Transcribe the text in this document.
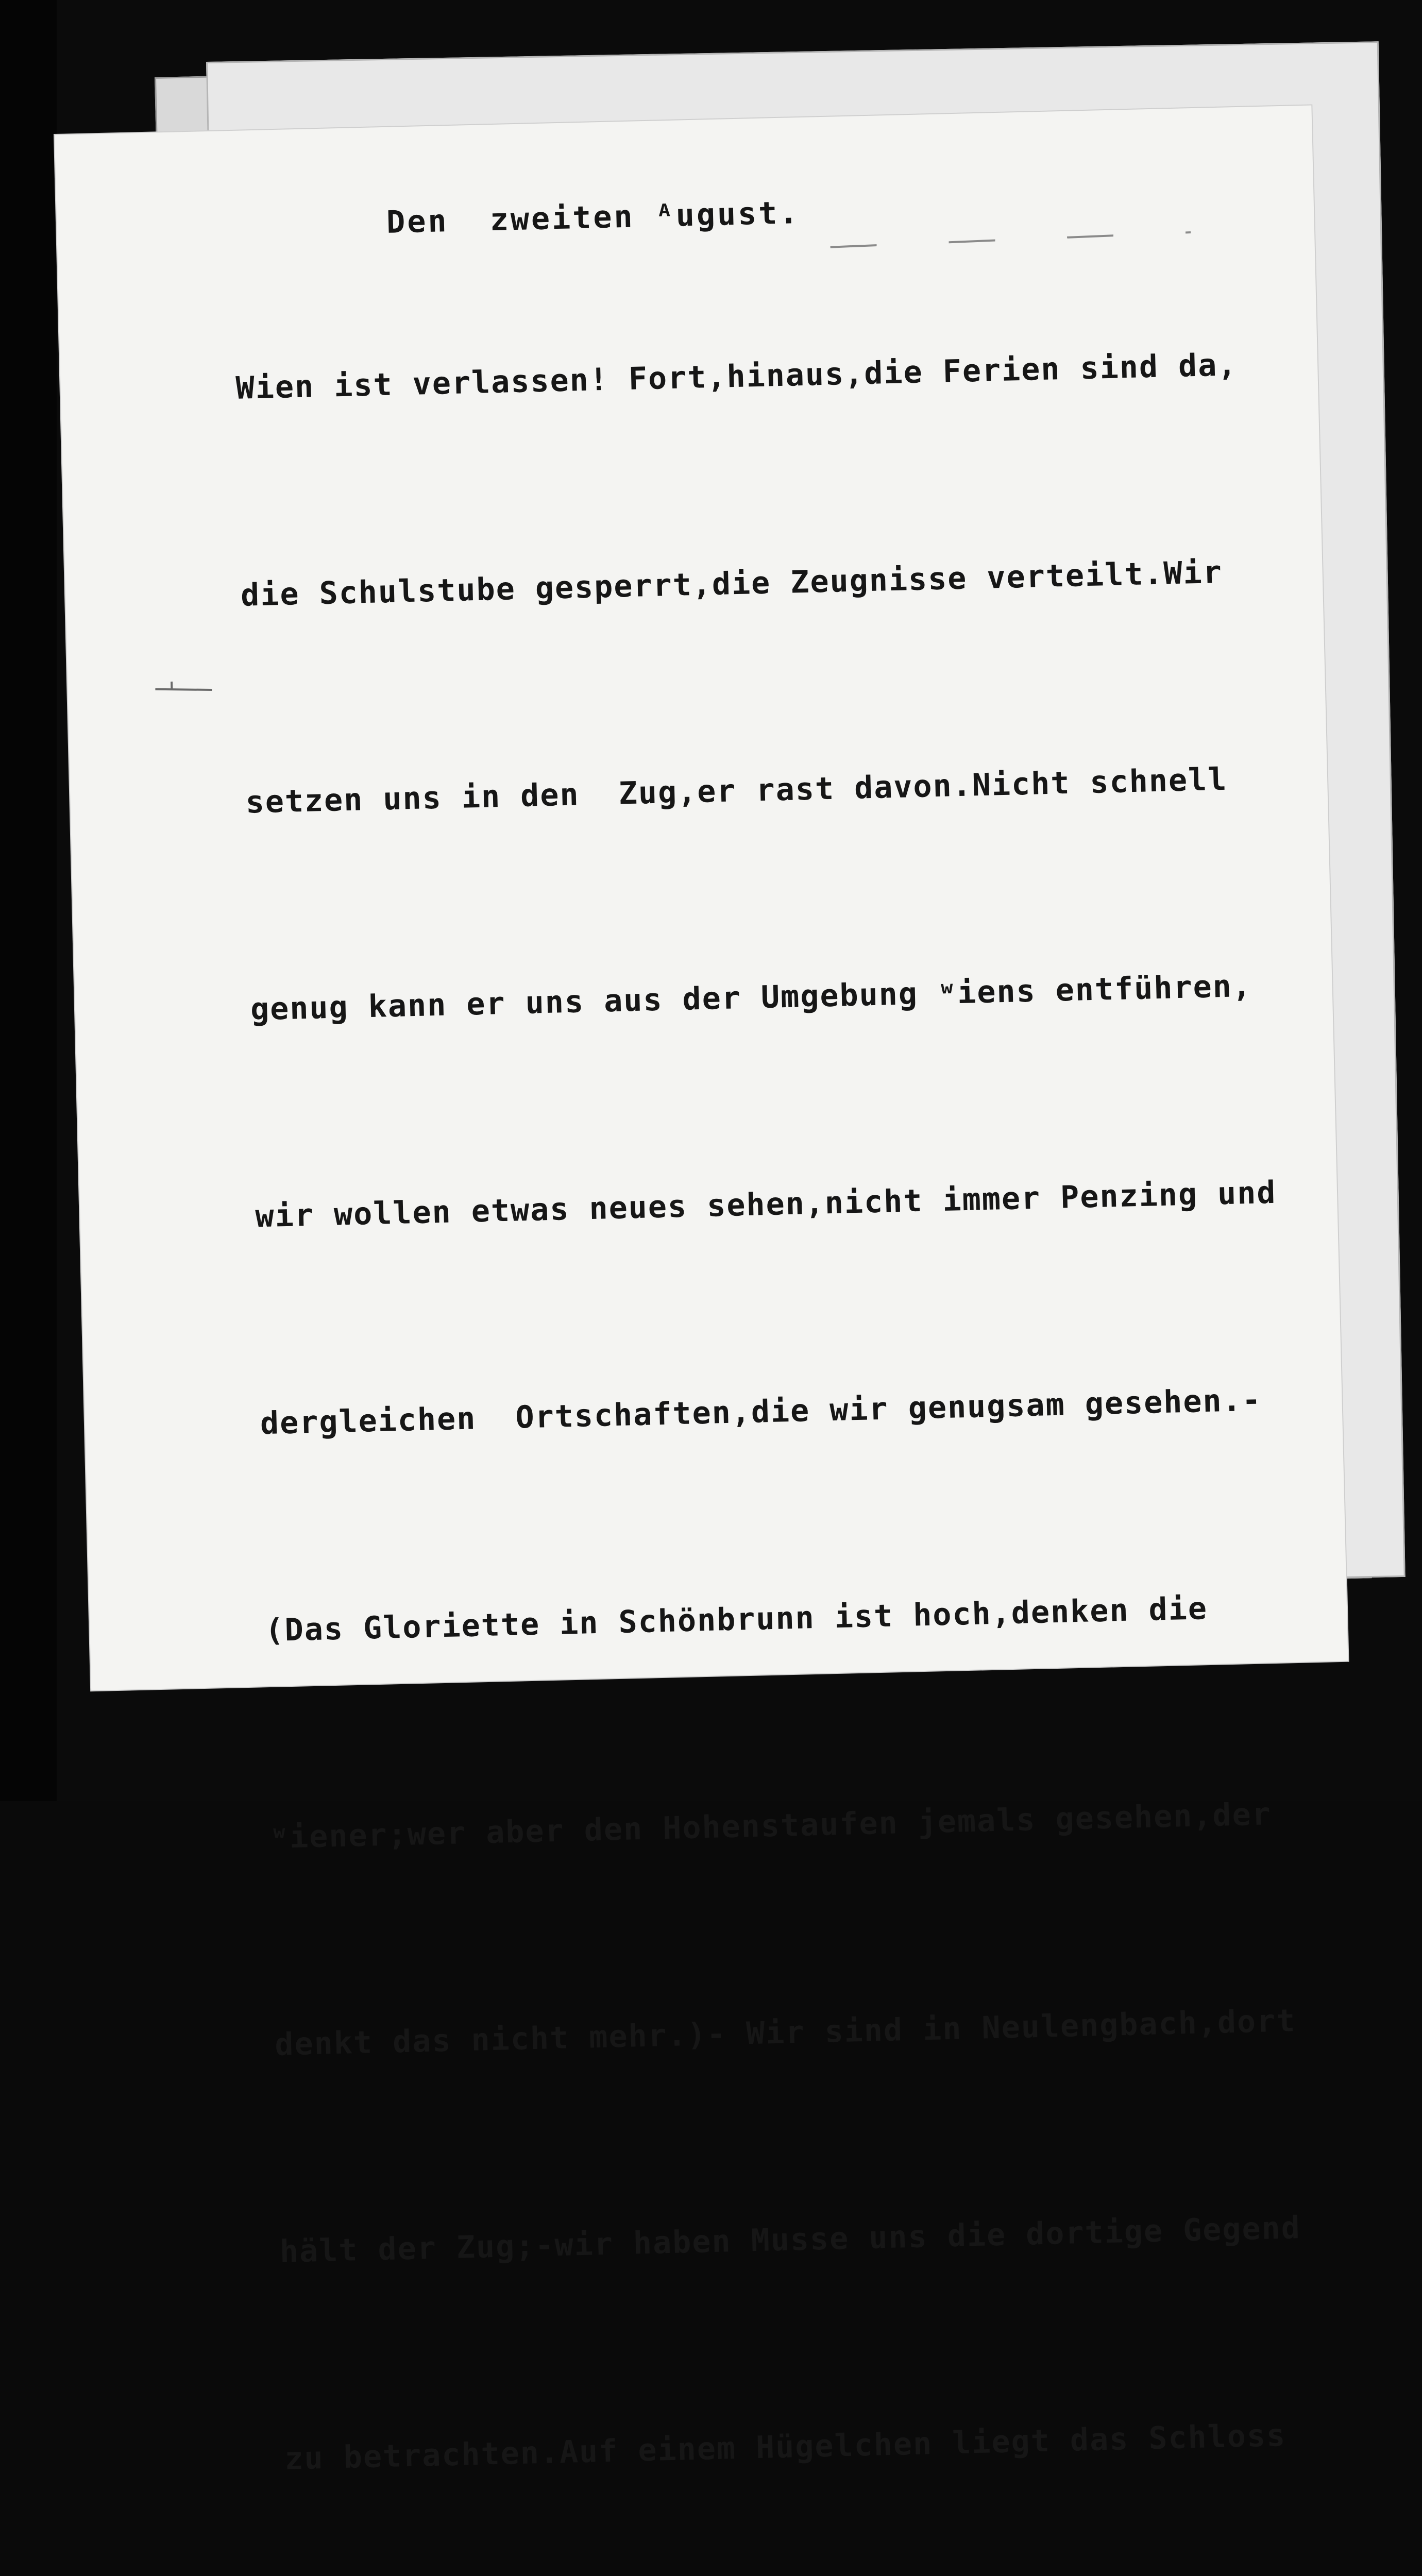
Den  zweiten ᴬugust.

Wien ist verlassen! Fort,hinaus,die Ferien sind da,

die Schulstube gesperrt,die Zeugnisse verteilt.Wir

setzen uns in den  Zug,er rast davon.Nicht schnell

genug kann er uns aus der Umgebung ʷiens entführen,

wir wollen etwas neues sehen,nicht immer Penzing und

dergleichen  Ortschaften,die wir genugsam gesehen.-

(Das Gloriette in Schönbrunn ist hoch,denken die

ʷiener;wer aber den Hohenstaufen jemals gesehen,der

denkt das nicht mehr.)- Wir sind in Neulengbach,dort

hält der Zug;-wir haben Musse uns die dortige Gegend

zu betrachten.Auf einem Hügelchen liegt das Schloss
